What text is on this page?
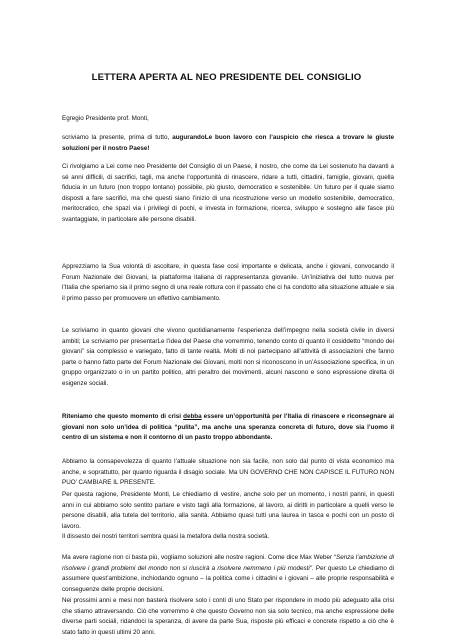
LETTERA APERTA AL NEO PRESIDENTE DEL CONSIGLIO
Egregio Presidente prof. Monti,
scriviamo la presente, prima di tutto, augurandoLe buon lavoro con l’auspicio che riesca a trovare le giuste soluzioni per il nostro Paese!
Ci rivolgiamo a Lei come neo Presidente del Consiglio di un Paese, il nostro, che come da Lei sostenuto ha davanti a sé anni difficili, di sacrifici, tagli, ma anche l’opportunità di rinascere, ridare a tutti, cittadini, famiglie, giovani, quella fiducia in un futuro (non troppo lontano) possibile, più giusto, democratico e sostenibile. Un futuro per il quale siamo disposti a fare sacrifici, ma che questi siano l’inizio di una ricostruzione verso un modello sostenibile, democratico, meritocratico, che spazi via i privilegi di pochi, e investa in formazione, ricerca, sviluppo e sostegno alle fasce più svantaggiate, in particolare alle persone disabili.
Apprezziamo la Sua volontà di ascoltare, in questa fase così importante e delicata, anche i giovani, convocando il Forum Nazionale dei Giovani, la piattaforma italiana di rappresentanza giovanile. Un’iniziativa del tutto nuova per l’Italia che speriamo sia il primo segno di una reale rottura con il passato che ci ha condotto alla situazione attuale e sia il primo passo per promuovere un effettivo cambiamento.
Le scriviamo in quanto giovani che vivono quotidianamente l’esperienza dell’impegno nella società civile in diversi ambiti; Le scriviamo per presentarLe l’idea del Paese che vorremmo, tenendo conto di quanto il cosiddetto “mondo dei giovani” sia complesso e variegato, fatto di tante realtà. Molti di noi partecipano all’attività di associazioni che fanno parte o hanno fatto parte del Forum Nazionale dei Giovani, molti non si riconoscono in un’Associazione specifica, in un gruppo organizzato o in un partito politico, altri peraltro dei movimenti, alcuni nascono e sono espressione diretta di esigenze sociali.
Riteniamo che questo momento di crisi debba essere un’opportunità per l’Italia di rinascere e riconsegnare ai giovani non solo un’idea di politica “pulita”, ma anche una speranza concreta di futuro, dove sia l’uomo il centro di un sistema e non il contorno di un pasto troppo abbondante.
Abbiamo la consapevolezza di quanto l’attuale situazione non sia facile, non solo dal punto di vista economico ma anche, e soprattutto, per quanto riguarda il disagio sociale. Ma UN GOVERNO CHE NON CAPISCE IL FUTURO NON PUO’ CAMBIARE IL PRESENTE.
Per questa ragione, Presidente Monti, Le chiediamo di vestire, anche solo per un momento, i nostri panni, in questi anni in cui abbiamo solo sentito parlare e visto tagli alla formazione, al lavoro, ai diritti in particolare a quelli verso le persone disabili, alla tutela del territorio, alla sanità. Abbiamo quasi tutti una laurea in tasca e pochi con un posto di lavoro.
Il dissesto dei nostri territori sembra quasi la metafora della nostra società.
Ma avere ragione non ci basta più, vogliamo soluzioni alle nostre ragioni. Come dice Max Weber “Senza l’ambizione di risolvere i grandi problemi del mondo non si riuscirà a risolvere nemmeno i più modesti”. Per questo Le chiediamo di assumere quest’ambizione, inchiodando ognuno – la politica come i cittadini e i giovani – alle proprie responsabilità e conseguenze delle proprie decisioni.
Nei prossimi anni e mesi non basterà risolvere solo i conti di uno Stato per rispondere in modo più adeguato alla crisi che stiamo attraversando. Ciò che vorremmo è che questo Governo non sia solo tecnico, ma anche espressione delle diverse parti sociali, ridandoci la speranza, di avere da parte Sua, risposte più efficaci e concrete rispetto a ciò che è stato fatto in questi ultimi 20 anni.
